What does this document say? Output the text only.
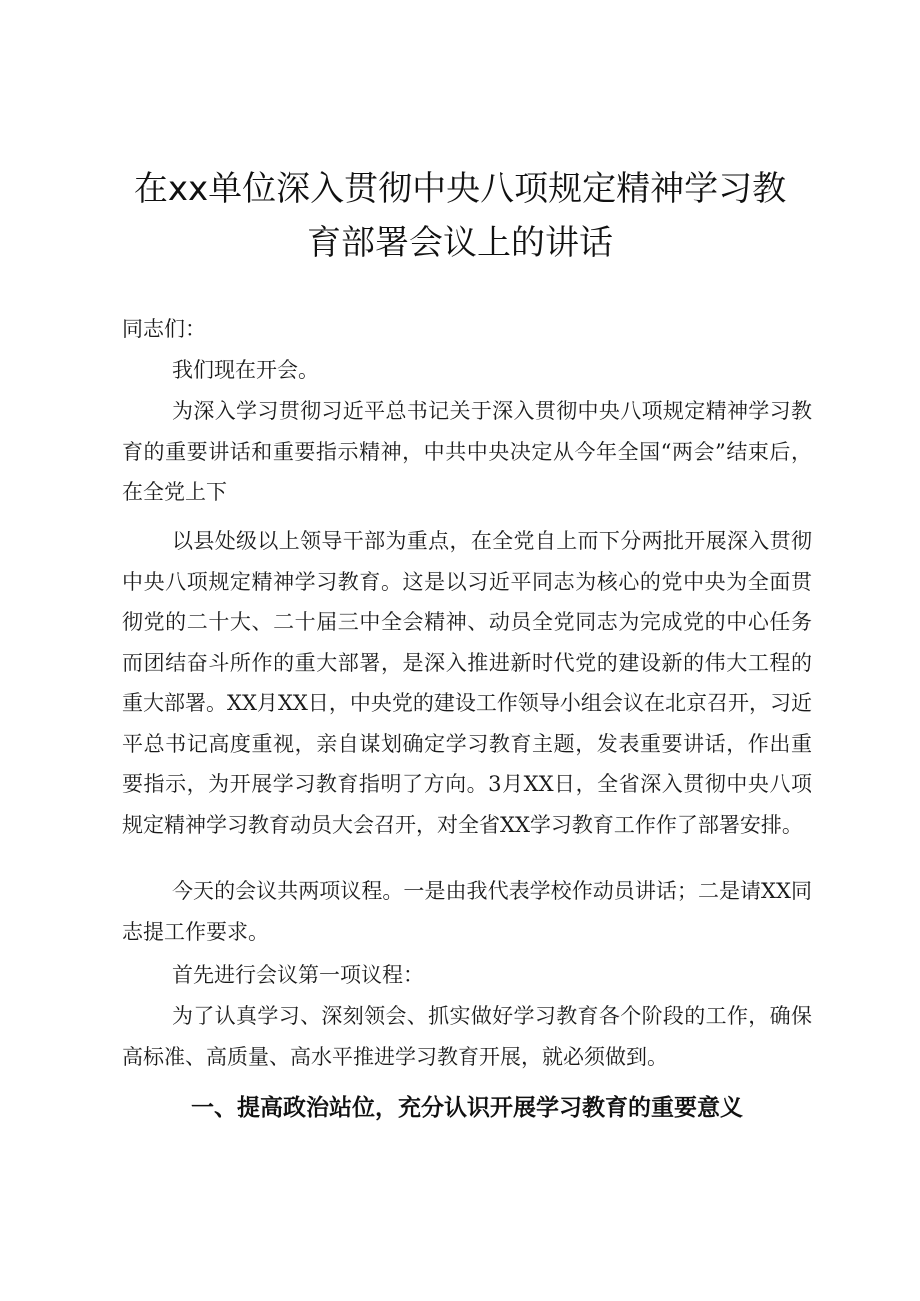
在xx单位深入贯彻中央八项规定精神学习教
育部署会议上的讲话

同志们：

我们现在开会。

为深入学习贯彻习近平总书记关于深入贯彻中央八项规定精神学习教育的重要讲话和重要指示精神，中共中央决定从今年全国“两会”结束后，在全党上下

以县处级以上领导干部为重点，在全党自上而下分两批开展深入贯彻中央八项规定精神学习教育。这是以习近平同志为核心的党中央为全面贯彻党的二十大、二十届三中全会精神、动员全党同志为完成党的中心任务而团结奋斗所作的重大部署，是深入推进新时代党的建设新的伟大工程的重大部署。XX月XX日，中央党的建设工作领导小组会议在北京召开，习近平总书记高度重视，亲自谋划确定学习教育主题，发表重要讲话，作出重要指示，为开展学习教育指明了方向。3月XX日，全省深入贯彻中央八项规定精神学习教育动员大会召开，对全省XX学习教育工作作了部署安排。

今天的会议共两项议程。一是由我代表学校作动员讲话；二是请XX同志提工作要求。

首先进行会议第一项议程：

为了认真学习、深刻领会、抓实做好学习教育各个阶段的工作，确保高标准、高质量、高水平推进学习教育开展，就必须做到。

一、提高政治站位，充分认识开展学习教育的重要意义
